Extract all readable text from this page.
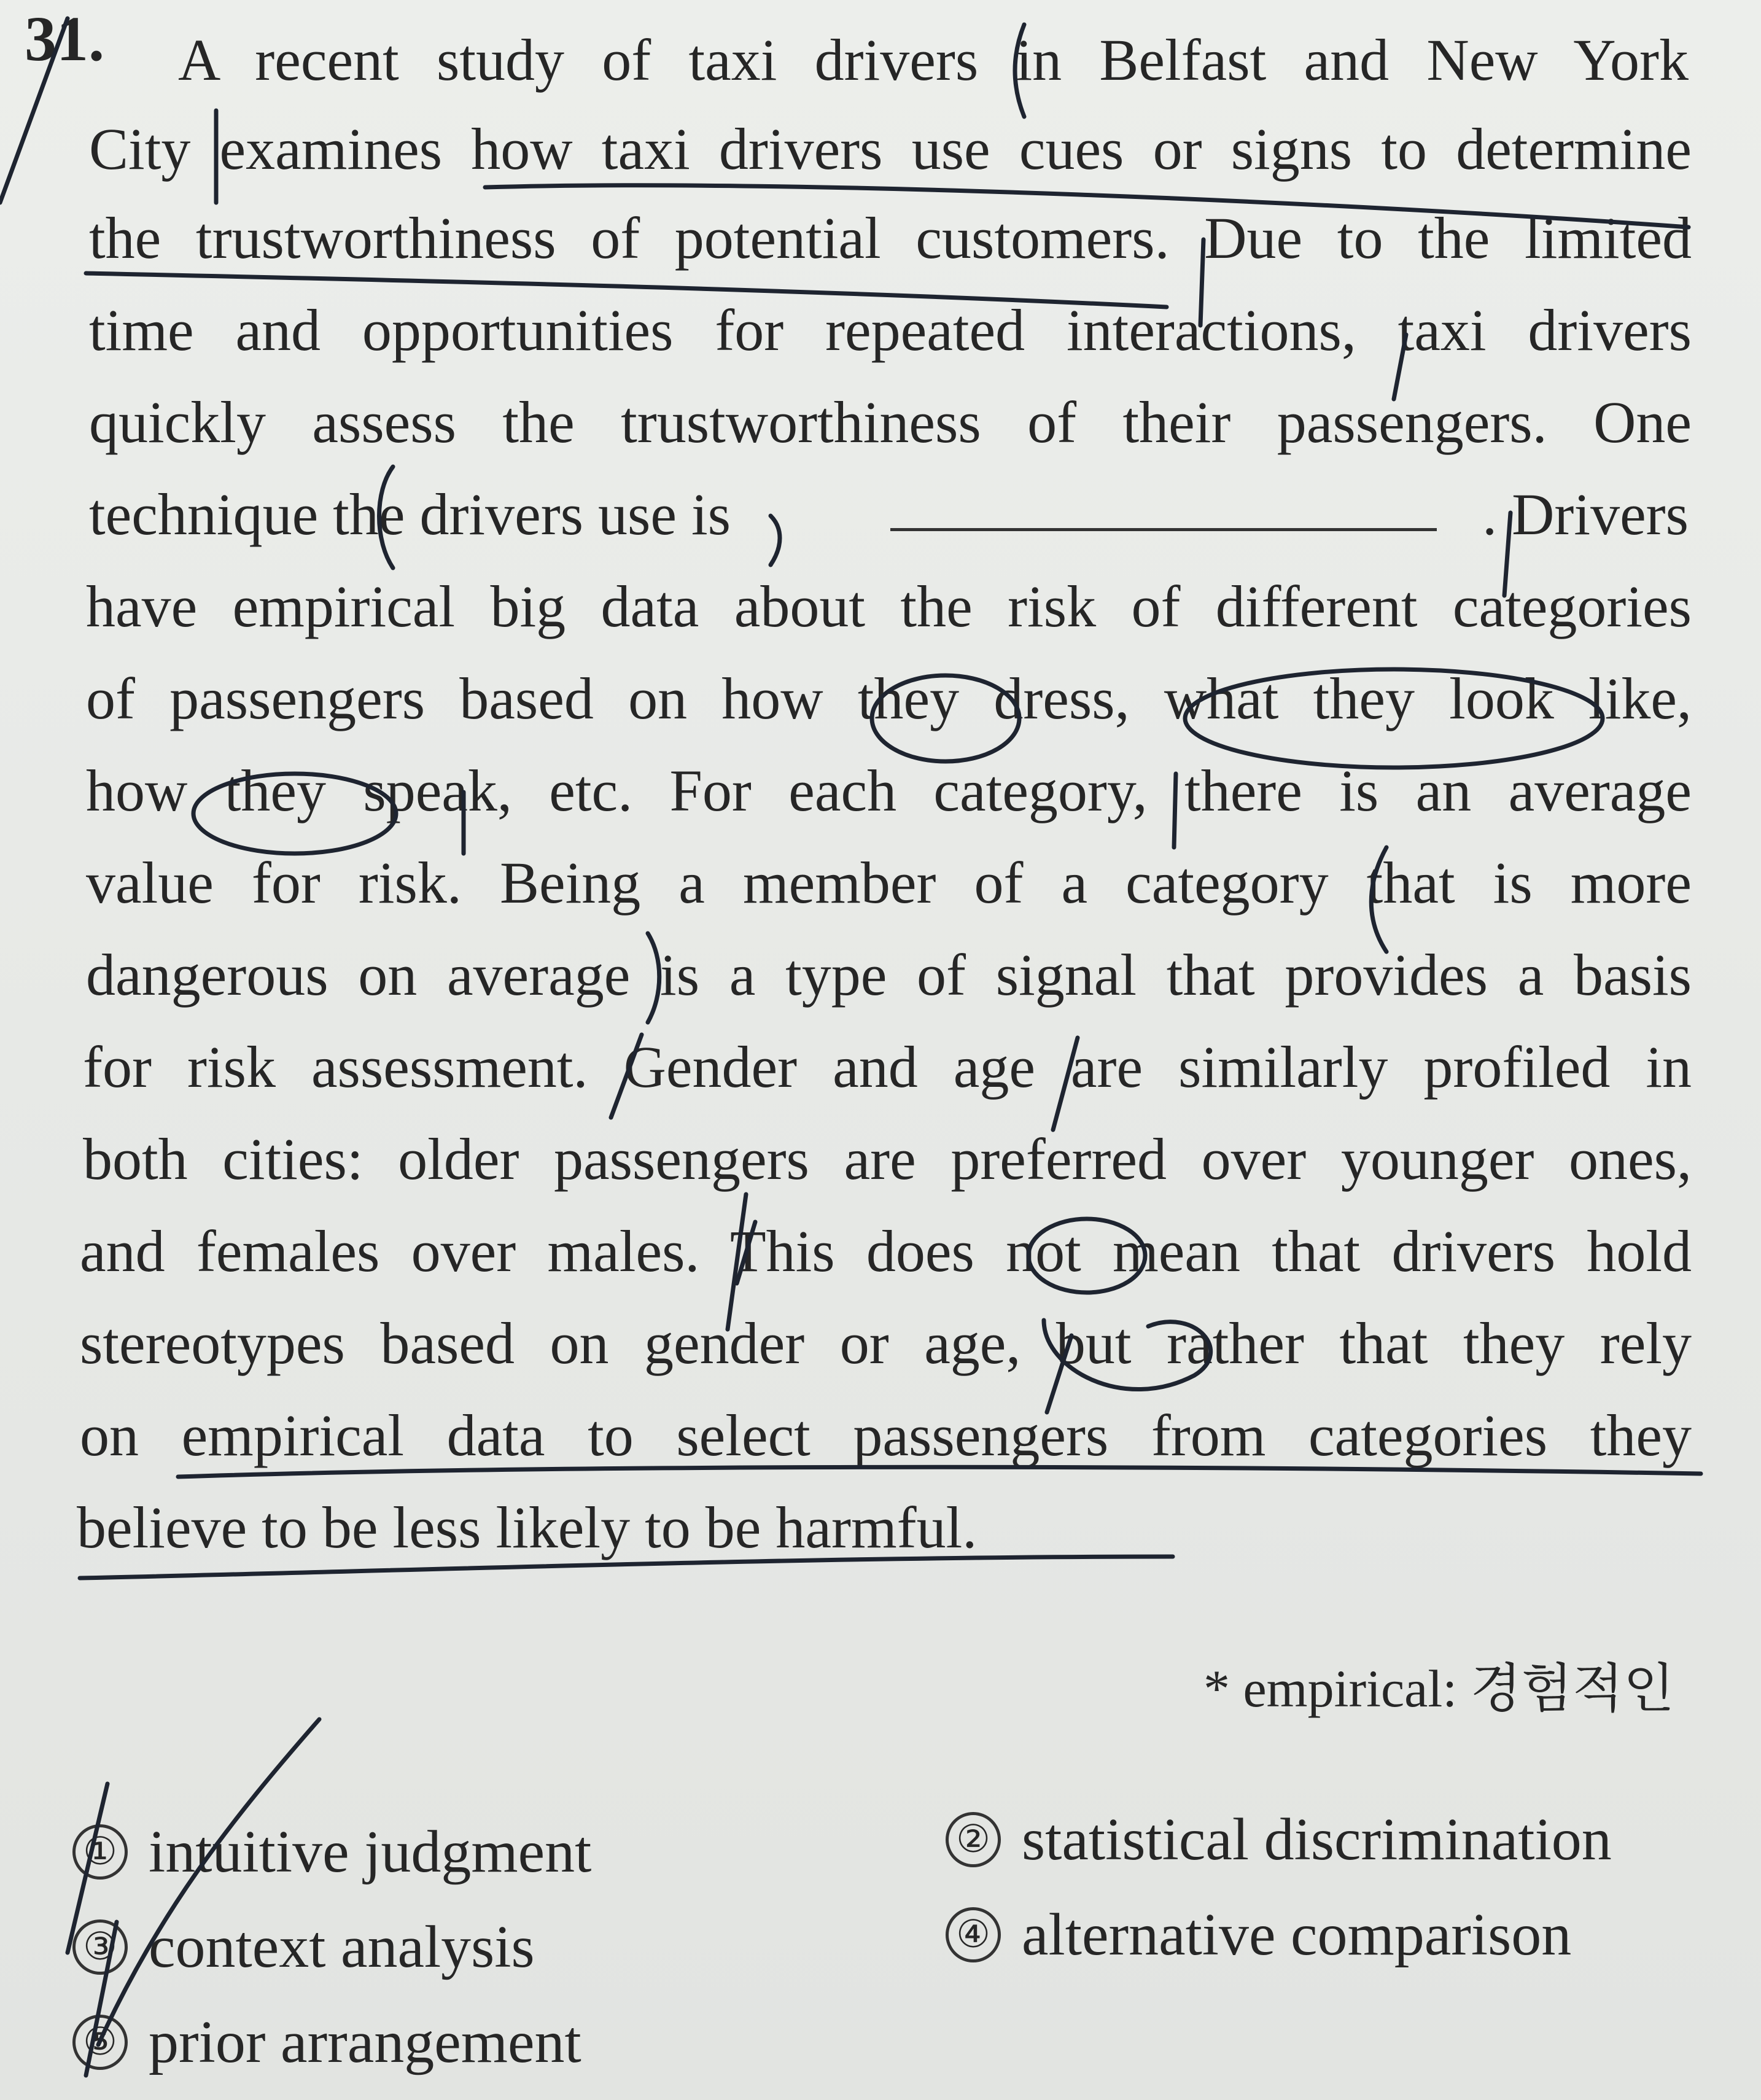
31. A recent study of taxi drivers in Belfast and New York
City examines how taxi drivers use cues or signs to determine
the trustworthiness of potential customers. Due to the limited
time and opportunities for repeated interactions, taxi drivers
quickly assess the trustworthiness of their passengers. One
technique the drivers use is	. Drivers
have empirical big data about the risk of different categories
of passengers based on how they dress, what they look like,
how they speak, etc. For each category, there is an average
value for risk. Being a member of a category that is more
dangerous on average is a type of signal that provides a basis
for risk assessment. Gender and age are similarly profiled in
both cities: older passengers are preferred over younger ones,
and females over males. This does not mean that drivers hold
stereotypes based on gender or age, but rather that they rely
on empirical data to select passengers from categories they
believe to be less likely to be harmful.
* empirical: 경험적인
① intuitive judgment	② statistical discrimination
③ context analysis	④ alternative comparison
⑤ prior arrangement
